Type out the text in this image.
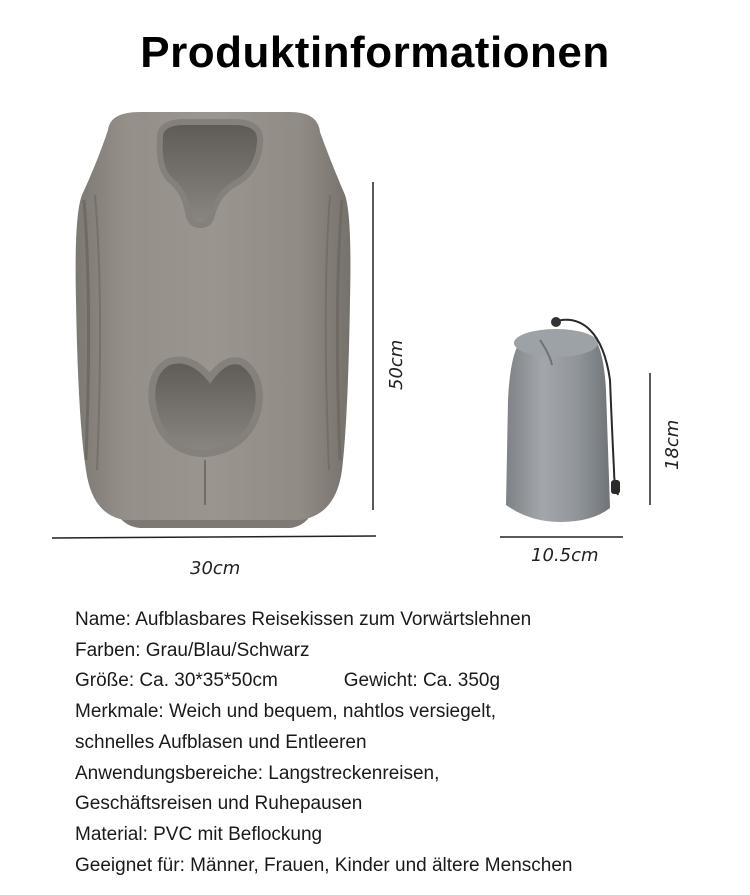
Produktinformationen
50cm
30cm
18cm
10.5cm
Name: Aufblasbares Reisekissen zum Vorwärtslehnen
Farben: Grau/Blau/Schwarz
Größe: Ca. 30*35*50cm	Gewicht: Ca. 350g
Merkmale: Weich und bequem, nahtlos versiegelt,
schnelles Aufblasen und Entleeren
Anwendungsbereiche: Langstreckenreisen,
Geschäftsreisen und Ruhepausen
Material: PVC mit Beflockung
Geeignet für: Männer, Frauen, Kinder und ältere Menschen
